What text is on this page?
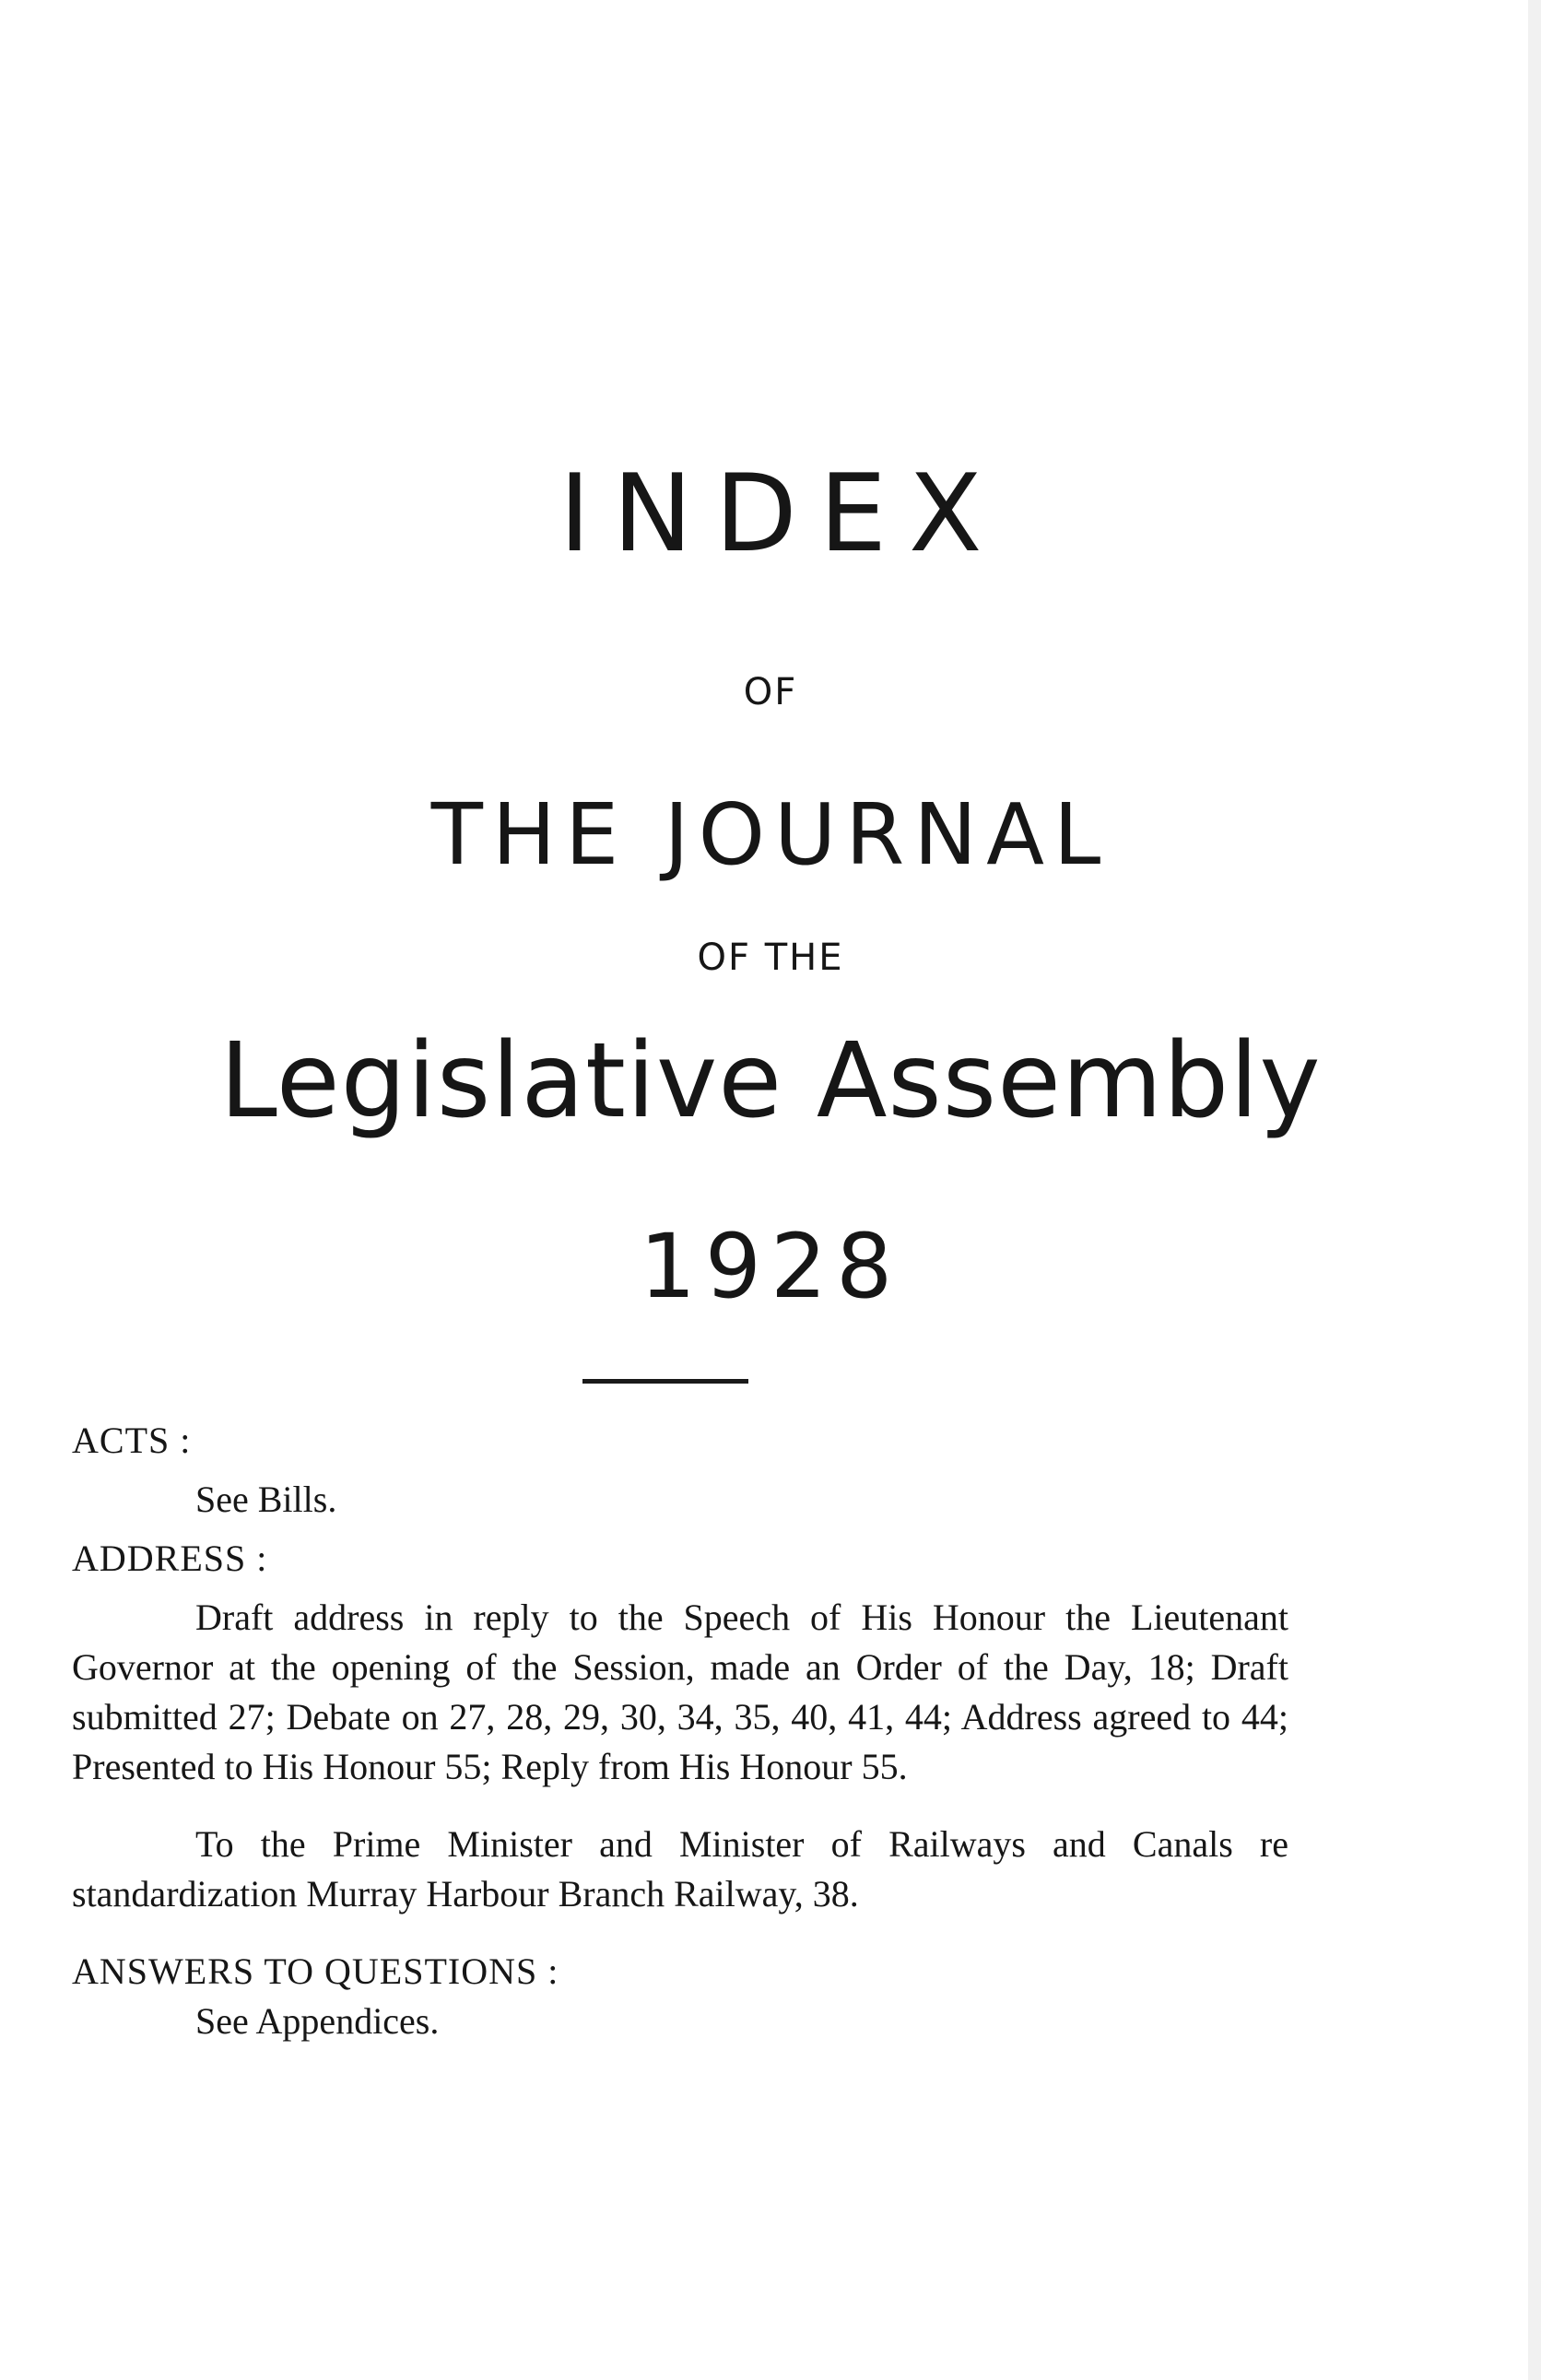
INDEX
OF
THE JOURNAL
OF THE
Legislative Assembly
1928
ACTS :
See Bills.
ADDRESS :
Draft address in reply to the Speech of His Honour the Lieutenant Governor at the opening of the Session, made an Order of the Day, 18; Draft submitted 27; Debate on 27, 28, 29, 30, 34, 35, 40, 41, 44; Address agreed to 44; Presented to His Honour 55; Reply from His Honour 55.
To the Prime Minister and Minister of Railways and Canals re standardization Murray Harbour Branch Railway, 38.
ANSWERS TO QUESTIONS :
See Appendices.
